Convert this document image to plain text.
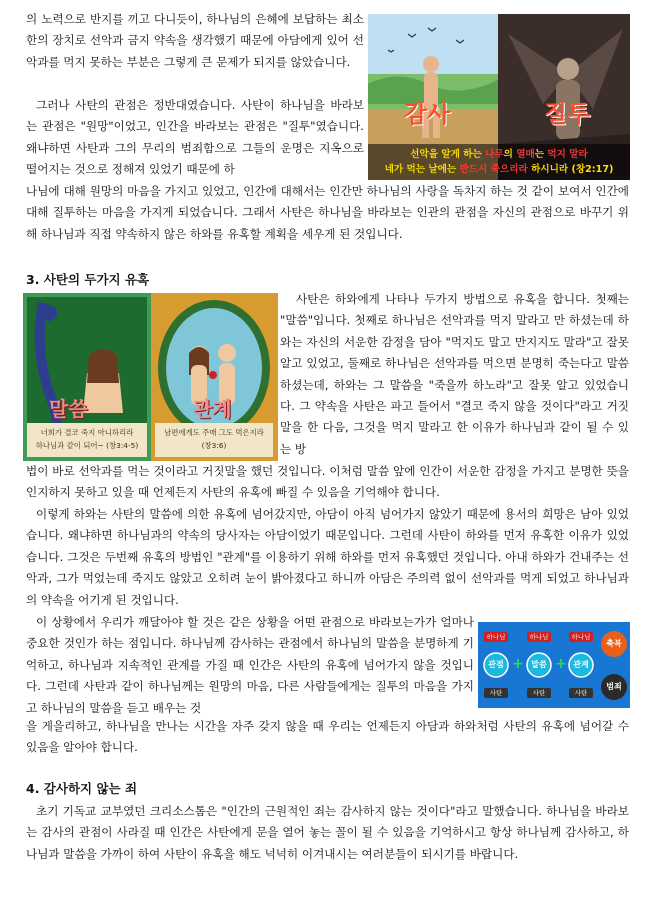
의 노력으로 반지를 끼고 다니듯이, 하나님의 은혜에 보답하는 최소한의 장치로 선악과 금지 약속을 생각했기 때문에 아담에게 있어 선악과를 먹지 못하는 부분은 그렇게 큰 문제가 되지를 않았습니다.

그러나 사탄의 관점은 정반대였습니다. 사탄이 하나님을 바라보는 관점은 "원망"이었고, 인간을 바라보는 관점은 "질투"였습니다. 왜냐하면 사탄과 그의 무리의 범죄함으로 그들의 운명은 지옥으로 떨어지는 것으로 정해져 있었기 때문에 하

나님에 대해 원망의 마음을 가지고 있었고, 인간에 대해서는 인간만 하나님의 사랑을 독차지 하는 것 같이 보여서 인간에 대해 질투하는 마음을 가지게 되었습니다. 그래서 사탄은 하나님을 바라보는 인관의 관점을 자신의 관점으로 바꾸기 위해 하나님과 직접 약속하지 않은 하와를 유혹할 계획을 세우게 된 것입니다.

감사	질투
선악을 알게 하는 나무의 열매는 먹지 말라
네가 먹는 날에는 반드시 죽으리라 하시니라 (창2:17)
3. 사탄의 두가지 유혹
말씀	관계
너희가 결코 죽지 아니하리라
하나님과 같이 되어~ (창3:4-5)
남편에게도 주매 그도 먹은지라
(창3:6)

사탄은 하와에게 나타나 두가지 방법으로 유혹을 합니다. 첫째는 "말씀"입니다. 첫째로 하나님은 선악과를 먹지 말라고 만 하셨는데 하와는 자신의 서운한 감정을 담아 "먹지도 말고 만지지도 말라"고 잘못 알고 있었고, 둘째로 하나님은 선악과를 먹으면 분명히 죽는다고 말씀하셨는데, 하와는 그 말씀을 "죽을까 하노라"고 잘못 알고 있었습니다. 그 약속을 사탄은 파고 들어서 "결코 죽지 않을 것이다"라고 거짓말을 한 다음, 그것을 먹지 말라고 한 이유가 하나님과 같이 될 수 있는 방

법이 바로 선악과를 먹는 것이라고 거짓말을 했던 것입니다. 이처럼 말씀 앞에 인간이 서운한 감정을 가지고 분명한 뜻을 인지하지 못하고 있을 때 언제든지 사탄의 유혹에 빠질 수 있음을 기억해야 합니다.

이렇게 하와는 사탄의 말씀에 의한 유혹에 넘어갔지만, 아담이 아직 넘어가지 않았기 때문에 용서의 희망은 남아 있었습니다. 왜냐하면 하나님과의 약속의 당사자는 아담이었기 때문입니다. 그런데 사탄이 하와를 먼저 유혹한 이유가 있었습니다. 그것은 두번째 유혹의 방법인 "관계"를 이용하기 위해 하와를 먼저 유혹했던 것입니다. 아내 하와가 건내주는 선악과, 그가 먹었는데 죽지도 않았고 오히려 눈이 밝아졌다고 하니까 아담은 주의력 없이 선악과를 먹게 되었고 하나님과의 약속을 어기게 된 것입니다.

이 상황에서 우리가 깨달아야 할 것은 같은 상황을 어떤 관점으로 바라보는가가 얼마나 중요한 것인가 하는 점입니다. 하나님께 감사하는 관점에서 하나님의 말씀을 분명하게 기억하고, 하나님과 지속적인 관계를 가질 때 인간은 사탄의 유혹에 넘어가지 않을 것입니다. 그런데 사탄과 같이 하나님께는 원망의 마음, 다른 사람들에게는 질투의 마음을 가지고 하나님의 말씀을 듣고 배우는 것

하나님	하나님	하나님
관점	말씀	관계
+ +
사탄	사탄	사탄
축복
범죄

을 게을리하고, 하나님을 만나는 시간을 자주 갖지 않을 때 우리는 언제든지 아담과 하와처럼 사탄의 유혹에 넘어갈 수 있음을 알아야 합니다.

4. 감사하지 않는 죄

초기 기독교 교부였던 크리소스톰은 "인간의 근원적인 죄는 감사하지 않는 것이다"라고 말했습니다. 하나님을 바라보는 감사의 관점이 사라질 때 인간은 사탄에게 문을 열어 놓는 꼴이 될 수 있음을 기억하시고 항상 하나님께 감사하고, 하나님과 말씀을 가까이 하여 사탄이 유혹을 해도 넉넉히 이겨내시는 여러분들이 되시기를 바랍니다.
